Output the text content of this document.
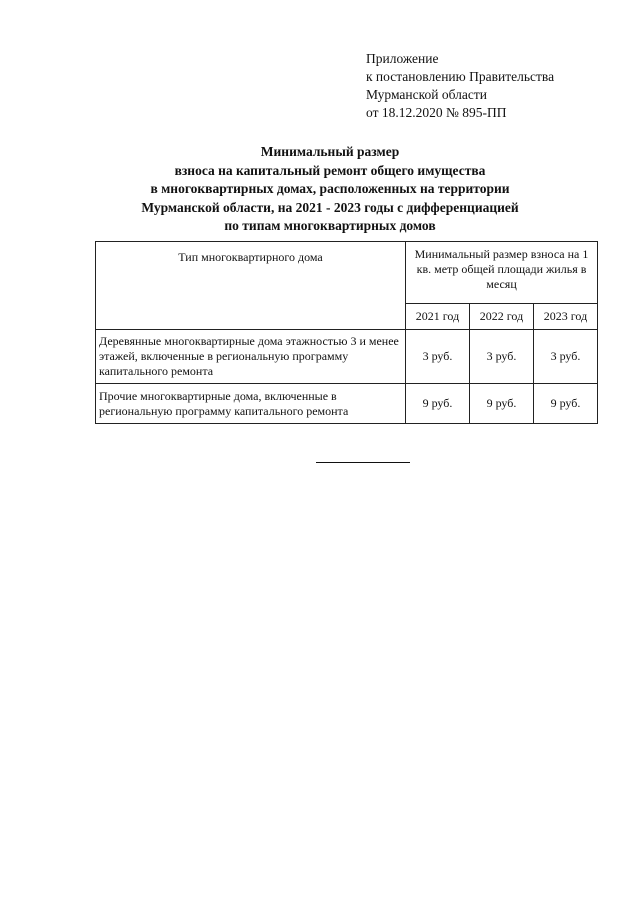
Приложение
к постановлению Правительства
Мурманской области
от 18.12.2020 № 895-ПП
Минимальный размер
взноса на капитальный ремонт общего имущества
в многоквартирных домах, расположенных на территории
Мурманской области, на 2021 - 2023 годы с дифференциацией
по типам многоквартирных домов
Тип многоквартирного дома	Минимальный размер взноса на 1 кв. метр общей площади жилья в месяц		
	2021 год	2022 год	2023 год
Деревянные многоквартирные дома этажностью 3 и менее этажей, включенные в региональную программу капитального ремонта	3 руб.	3 руб.	3 руб.
Прочие многоквартирные дома, включенные в региональную программу капитального ремонта	9 руб.	9 руб.	9 руб.
